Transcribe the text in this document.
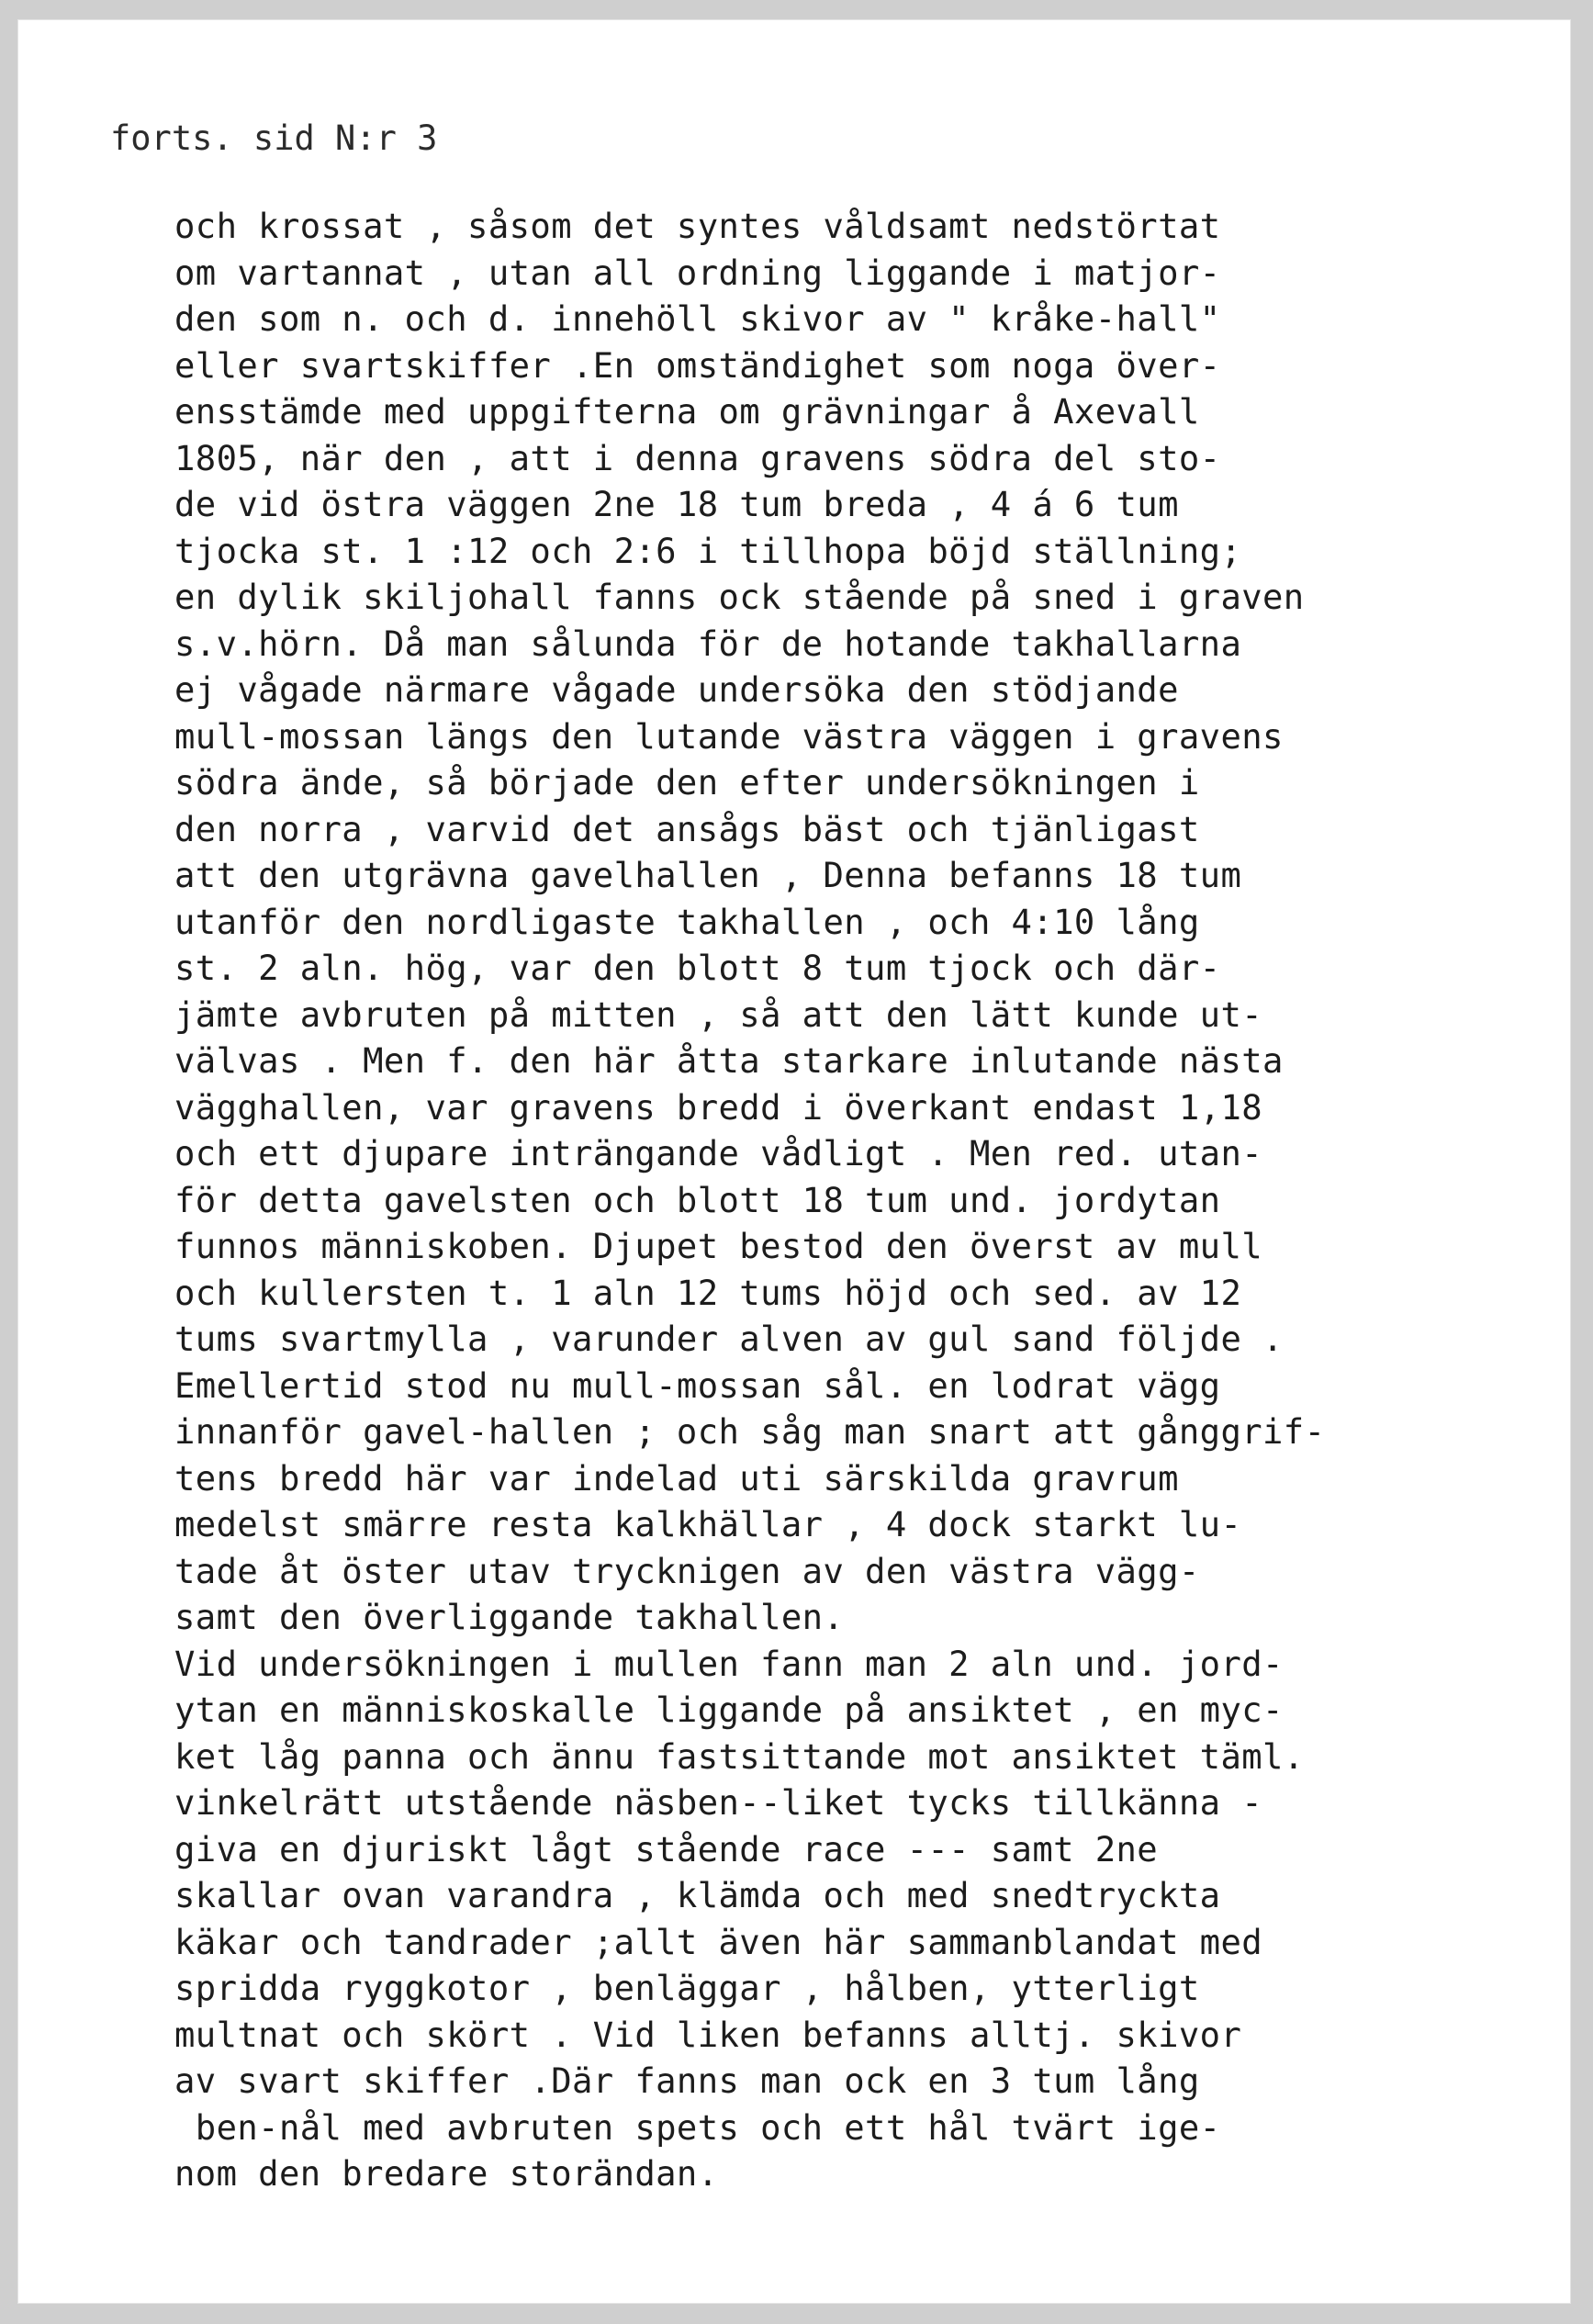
forts. sid N:r 3
och krossat , såsom det syntes våldsamt nedstörtat
om vartannat , utan all ordning liggande i matjor-
den som n. och d. innehöll skivor av " kråke-hall"
eller svartskiffer .En omständighet som noga över-
ensstämde med uppgifterna om grävningar å Axevall
1805, när den , att i denna gravens södra del sto-
de vid östra väggen 2ne 18 tum breda , 4 á 6 tum
tjocka st. 1 :12 och 2:6 i tillhopa böjd ställning;
en dylik skiljohall fanns ock stående på sned i graven
s.v.hörn. Då man sålunda för de hotande takhallarna
ej vågade närmare vågade undersöka den stödjande
mull-mossan längs den lutande västra väggen i gravens
södra ände, så började den efter undersökningen i
den norra , varvid det ansågs bäst och tjänligast
att den utgrävna gavelhallen , Denna befanns 18 tum
utanför den nordligaste takhallen , och 4:10 lång
st. 2 aln. hög, var den blott 8 tum tjock och där-
jämte avbruten på mitten , så att den lätt kunde ut-
välvas . Men f. den här åtta starkare inlutande nästa
vägghallen, var gravens bredd i överkant endast 1,18
och ett djupare inträngande vådligt . Men red. utan-
för detta gavelsten och blott 18 tum und. jordytan
funnos människoben. Djupet bestod den överst av mull
och kullersten t. 1 aln 12 tums höjd och sed. av 12
tums svartmylla , varunder alven av gul sand följde .
Emellertid stod nu mull-mossan sål. en lodrat vägg
innanför gavel-hallen ; och såg man snart att gånggrif-
tens bredd här var indelad uti särskilda gravrum
medelst smärre resta kalkhällar , 4 dock starkt lu-
tade åt öster utav trycknigen av den västra vägg-
samt den överliggande takhallen.
Vid undersökningen i mullen fann man 2 aln und. jord-
ytan en människoskalle liggande på ansiktet , en myc-
ket låg panna och ännu fastsittande mot ansiktet täml.
vinkelrätt utstående näsben--liket tycks tillkänna -
giva en djuriskt lågt stående race --- samt 2ne
skallar ovan varandra , klämda och med snedtryckta
käkar och tandrader ;allt även här sammanblandat med
spridda ryggkotor , benläggar , hålben, ytterligt
multnat och skört . Vid liken befanns alltj. skivor
av svart skiffer .Där fanns man ock en 3 tum lång
ben-nål med avbruten spets och ett hål tvärt ige-
nom den bredare storändan.
